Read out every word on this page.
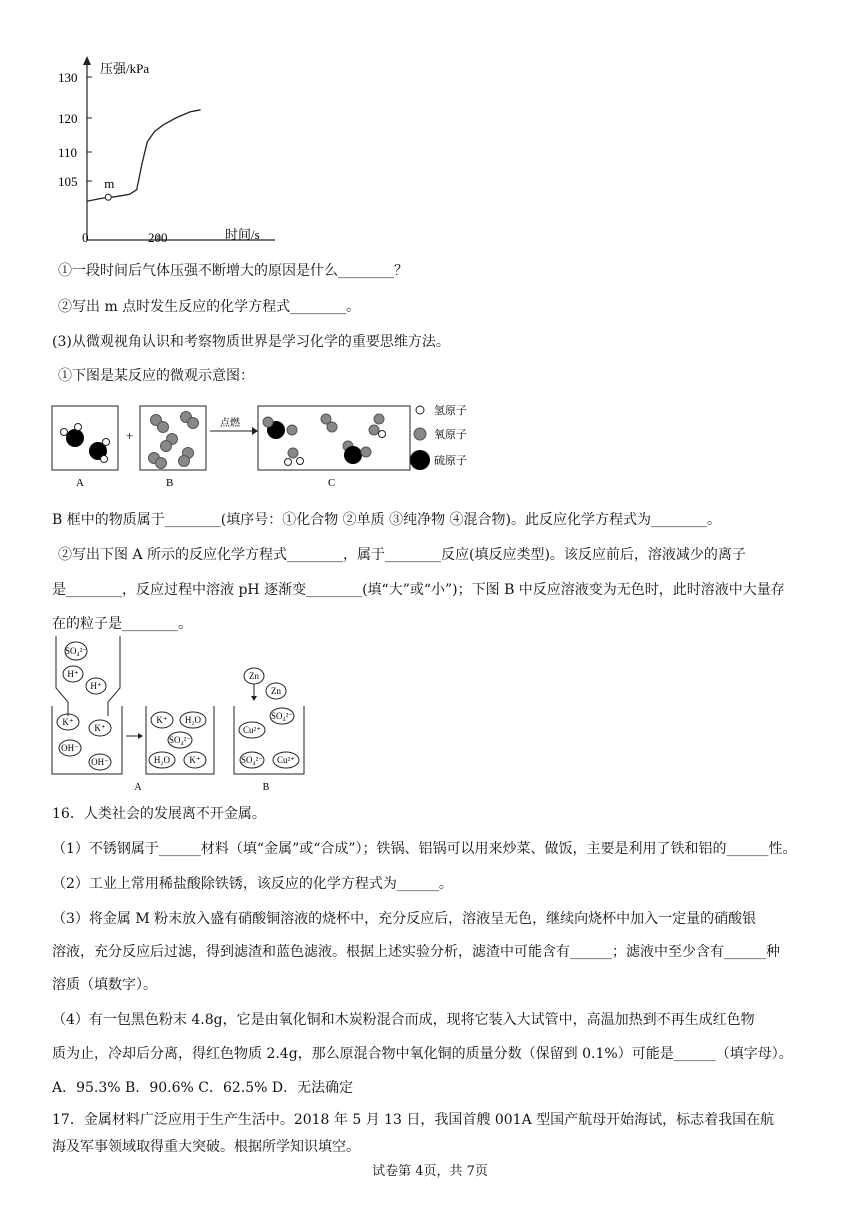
压强/kPa
时间/s
130
120
110
105
0	200
m
①一段时间后气体压强不断增大的原因是什么________？
②写出 m 点时发生反应的化学方程式________。
(3)从微观视角认识和考察物质世界是学习化学的重要思维方法。
①下图是某反应的微观示意图：
+
点燃
氢原子
氧原子
硫原子
A	B	C
B 框中的物质属于________(填序号：①化合物 ②单质 ③纯净物 ④混合物)。此反应化学方程式为________。
②写出下图 A 所示的反应化学方程式________，属于________反应(填反应类型)。该反应前后，溶液减少的离子
是________，反应过程中溶液 pH 逐渐变________(填“大”或“小”)；下图 B 中反应溶液变为无色时，此时溶液中大量存
在的粒子是________。
SO₄²⁻
H⁺
H⁺
K⁺
K⁺
OH⁻
OH⁻
K⁺ H₂O
SO₄²⁻
H₂O K⁺
Zn
Zn
SO₄²⁻
Cu²⁺
SO₄²⁻ Cu²⁺
A	B
16．人类社会的发展离不开金属。
（1）不锈钢属于______材料（填“金属”或“合成”）；铁锅、铝锅可以用来炒菜、做饭，主要是利用了铁和铝的______性。
（2）工业上常用稀盐酸除铁锈，该反应的化学方程式为______。
（3）将金属 M 粉末放入盛有硝酸铜溶液的烧杯中，充分反应后，溶液呈无色，继续向烧杯中加入一定量的硝酸银
溶液，充分反应后过滤，得到滤渣和蓝色滤液。根据上述实验分析，滤渣中可能含有______；滤液中至少含有______种
溶质（填数字）。
（4）有一包黑色粉末 4.8g，它是由氧化铜和木炭粉混合而成，现将它装入大试管中，高温加热到不再生成红色物
质为止，冷却后分离，得红色物质 2.4g，那么原混合物中氧化铜的质量分数（保留到 0.1%）可能是______（填字母）。
A．95.3% B．90.6% C．62.5% D．无法确定
17．金属材料广泛应用于生产生活中。2018 年 5 月 13 日，我国首艘 001A 型国产航母开始海试，标志着我国在航
海及军事领域取得重大突破。根据所学知识填空。
试卷第 4页，共 7页
